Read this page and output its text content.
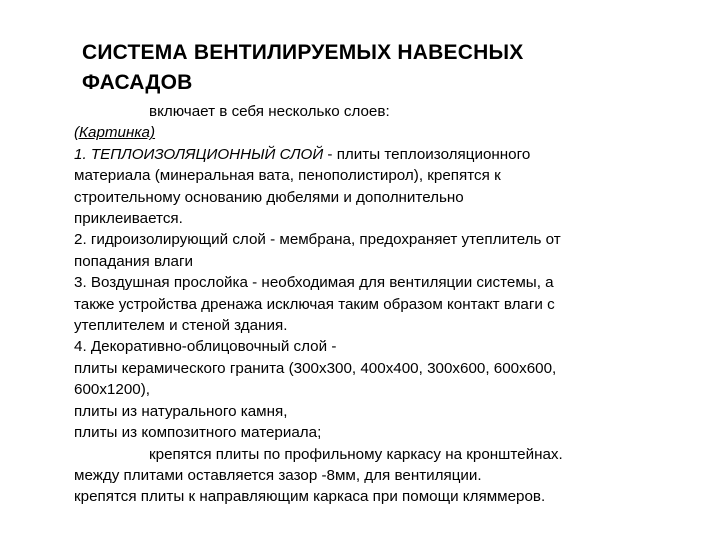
СИСТЕМА ВЕНТИЛИРУЕМЫХ НАВЕСНЫХ
ФАСАДОВ
включает в себя несколько слоев:
(Картинка)
1. ТЕПЛОИЗОЛЯЦИОННЫЙ СЛОЙ - плиты теплоизоляционного
материала (минеральная вата, пенополистирол), крепятся к
строительному основанию дюбелями и дополнительно
приклеивается.
2. гидроизолирующий слой - мембрана, предохраняет утеплитель от
попадания влаги
3. Воздушная прослойка - необходимая для вентиляции системы, а
также устройства дренажа исключая таким образом контакт влаги с
утеплителем и стеной здания.
4. Декоративно-облицовочный слой -
плиты керамического гранита (300х300, 400х400, 300х600, 600х600,
600х1200),
плиты из натурального камня,
плиты из композитного материала;
крепятся плиты по профильному каркасу на кронштейнах.
между плитами оставляется зазор -8мм, для вентиляции.
крепятся плиты к направляющим каркаса при помощи кляммеров.
